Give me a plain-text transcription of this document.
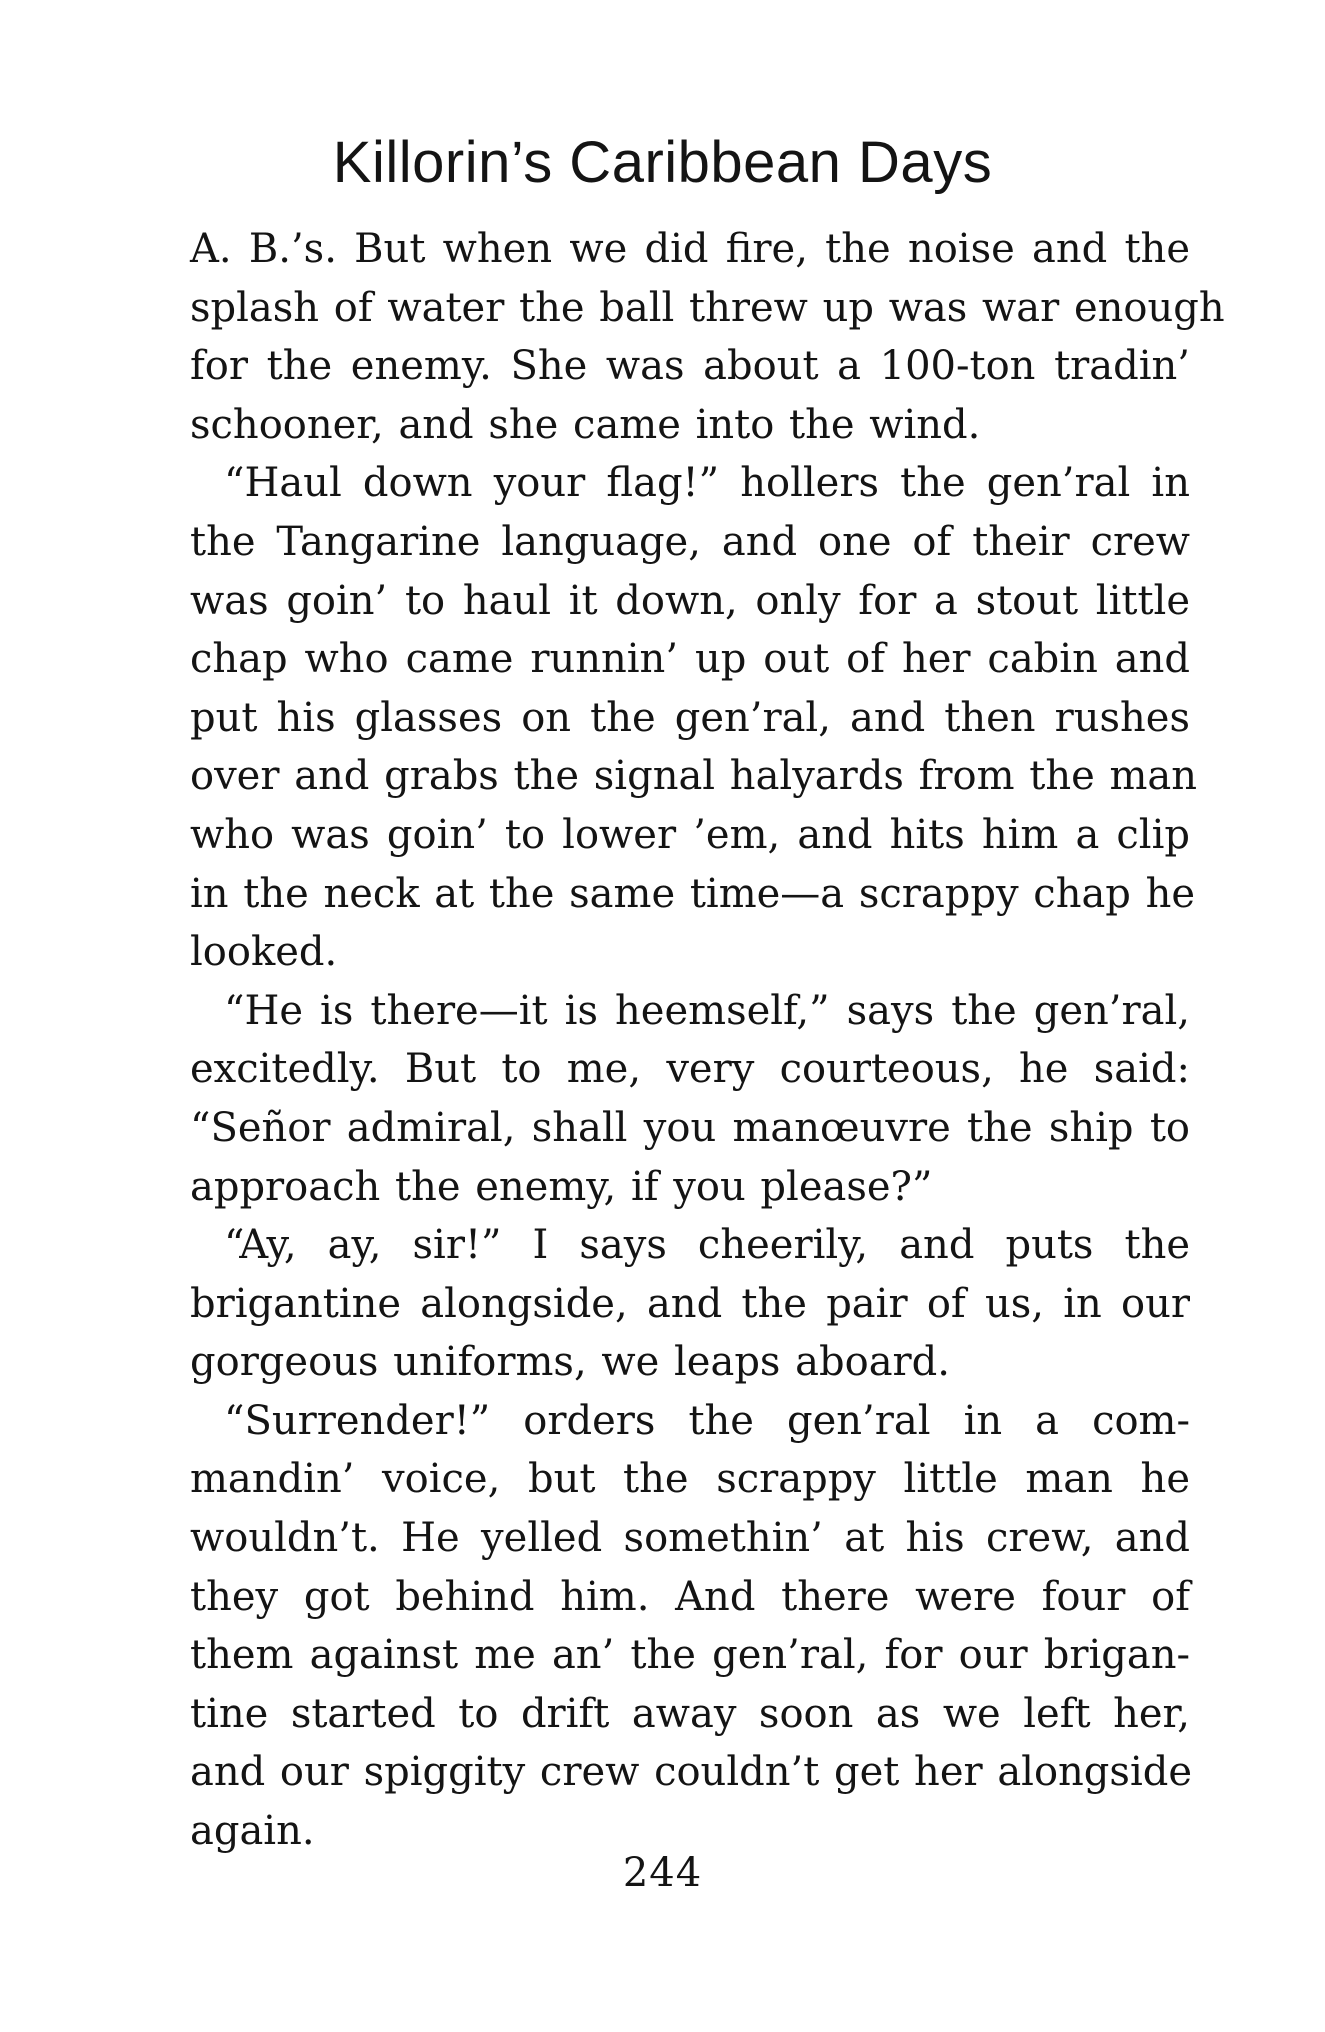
Killorin’s Caribbean Days
A. B.’s. But when we did fire, the noise and the
splash of water the ball threw up was war enough
for the enemy. She was about a 100-ton tradin’
schooner, and she came into the wind.
“Haul down your flag!” hollers the gen’ral in
the Tangarine language, and one of their crew
was goin’ to haul it down, only for a stout little
chap who came runnin’ up out of her cabin and
put his glasses on the gen’ral, and then rushes
over and grabs the signal halyards from the man
who was goin’ to lower ’em, and hits him a clip
in the neck at the same time—a scrappy chap he
looked.
“He is there—it is heemself,” says the gen’ral,
excitedly. But to me, very courteous, he said:
“Señor admiral, shall you manœuvre the ship to
approach the enemy, if you please?”
“Ay, ay, sir!” I says cheerily, and puts the
brigantine alongside, and the pair of us, in our
gorgeous uniforms, we leaps aboard.
“Surrender!” orders the gen’ral in a com-
mandin’ voice, but the scrappy little man he
wouldn’t. He yelled somethin’ at his crew, and
they got behind him. And there were four of
them against me an’ the gen’ral, for our brigan-
tine started to drift away soon as we left her,
and our spiggity crew couldn’t get her alongside
again.
244
